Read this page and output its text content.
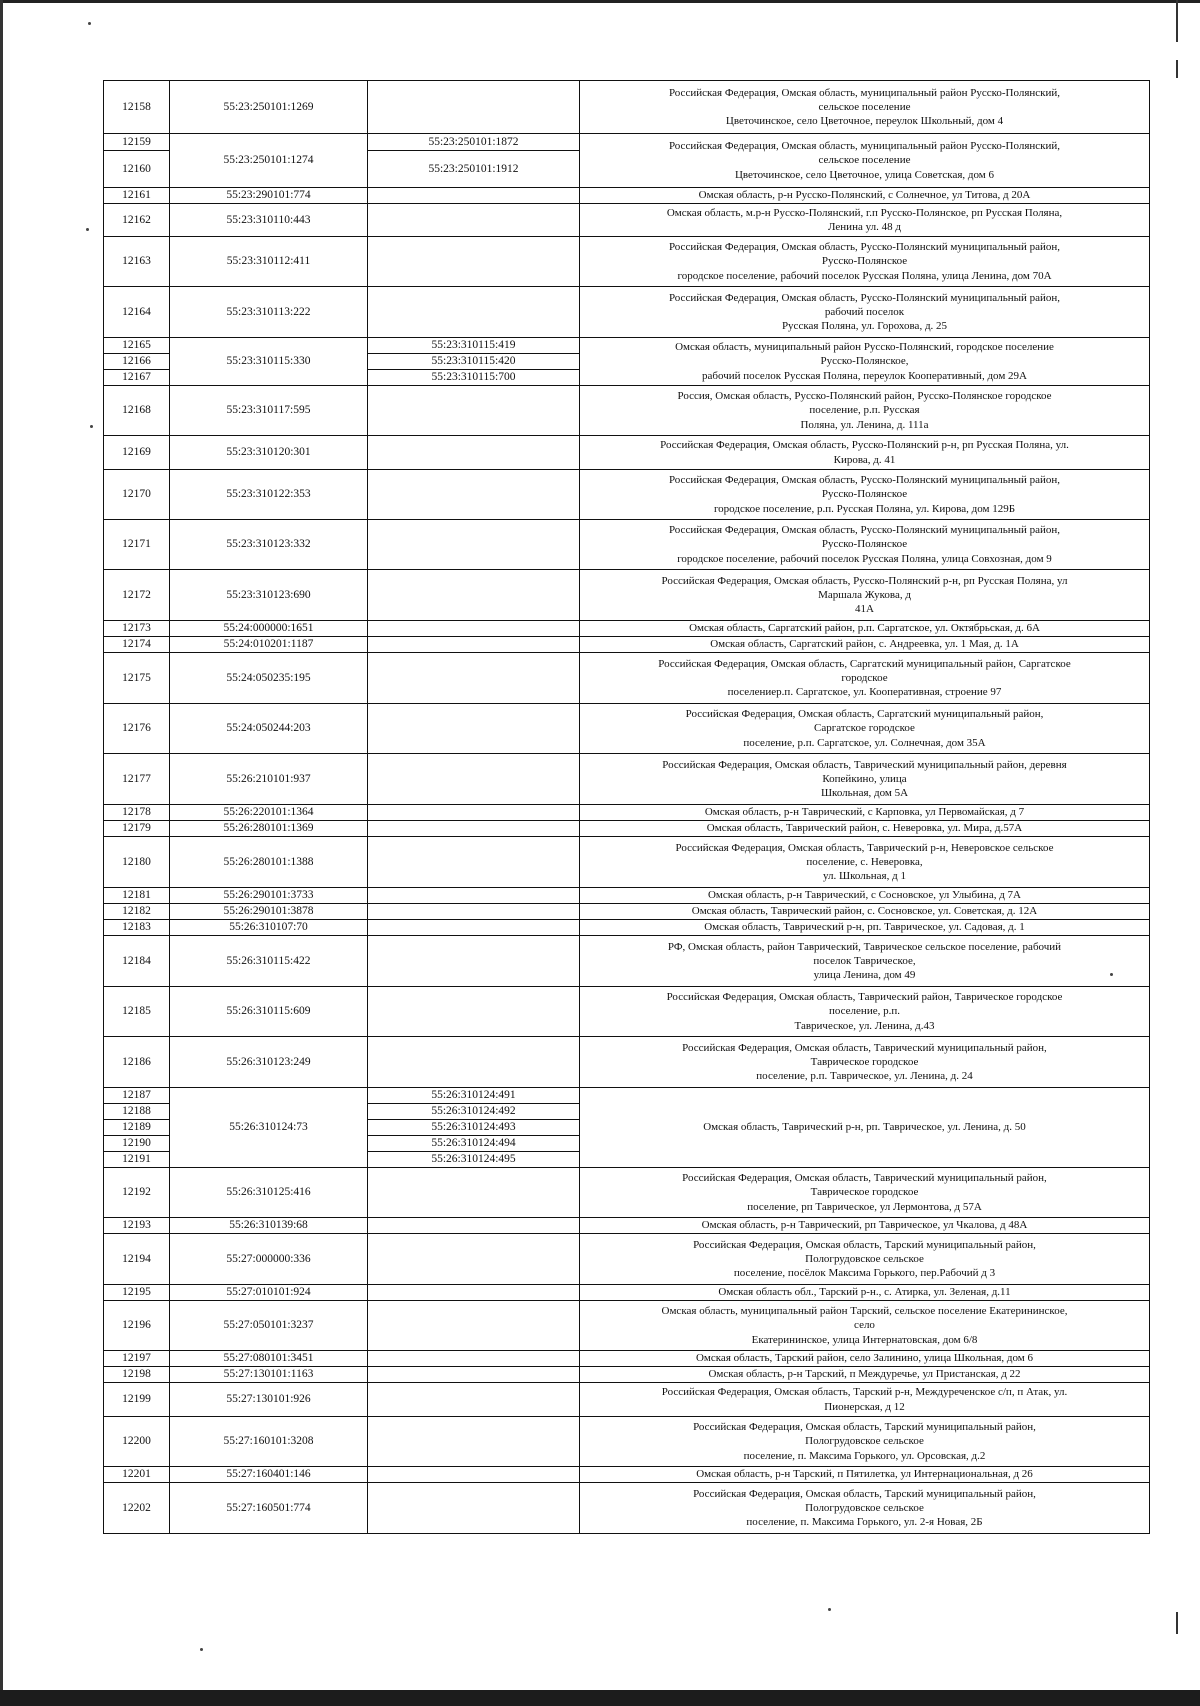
12158	55:23:250101:1269		Российская Федерация, Омская область, муниципальный район Русско-Полянский,
сельское поселение
Цветочинское, село Цветочное, переулок Школьный, дом 4

12159	55:23:250101:1274	55:23:250101:1872	Российская Федерация, Омская область, муниципальный район Русско-Полянский,
сельское поселение
Цветочинское, село Цветочное, улица Советская, дом 6

12160		55:23:250101:1912	
12161	55:23:290101:774		Омская область, р-н Русско-Полянский, с Солнечное, ул Титова, д 20А

12162	55:23:310110:443		Омская область, м.р-н Русско-Полянский, г.п Русско-Полянское, рп Русская Поляна,
Ленина ул. 48 д

12163	55:23:310112:411		Российская Федерация, Омская область, Русско-Полянский муниципальный район,
Русско-Полянское
городское поселение, рабочий поселок Русская Поляна, улица Ленина, дом 70А

12164	55:23:310113:222		Российская Федерация, Омская область, Русско-Полянский муниципальный район,
рабочий поселок
Русская Поляна, ул. Горохова, д. 25

12165	55:23:310115:330	55:23:310115:419	Омская область, муниципальный район Русско-Полянский, городское поселение
Русско-Полянское,
рабочий поселок Русская Поляна, переулок Кооперативный, дом 29А

12166		55:23:310115:420	
12167		55:23:310115:700	
12168	55:23:310117:595		Россия, Омская область, Русско-Полянский район, Русско-Полянское городское
поселение, р.п. Русская
Поляна, ул. Ленина, д. 111а

12169	55:23:310120:301		Российская Федерация, Омская область, Русско-Полянский р-н, рп Русская Поляна, ул.
Кирова, д. 41

12170	55:23:310122:353		Российская Федерация, Омская область, Русско-Полянский муниципальный район,
Русско-Полянское
городское поселение, р.п. Русская Поляна, ул. Кирова, дом 129Б

12171	55:23:310123:332		Российская Федерация, Омская область, Русско-Полянский муниципальный район,
Русско-Полянское
городское поселение, рабочий поселок Русская Поляна, улица Совхозная, дом 9

12172	55:23:310123:690		Российская Федерация, Омская область, Русско-Полянский р-н, рп Русская Поляна, ул
Маршала Жукова, д
41А

12173	55:24:000000:1651		Омская область, Саргатский район, р.п. Саргатское, ул. Октябрьская, д. 6А

12174	55:24:010201:1187		Омская область, Саргатский район, с. Андреевка, ул. 1 Мая, д. 1А

12175	55:24:050235:195		Российская Федерация, Омская область, Саргатский муниципальный район, Саргатское
городское
поселениер.п. Саргатское, ул. Кооперативная, строение 97

12176	55:24:050244:203		Российская Федерация, Омская область, Саргатский муниципальный район,
Саргатское городское
поселение, р.п. Саргатское, ул. Солнечная, дом 35А

12177	55:26:210101:937		Российская Федерация, Омская область, Таврический муниципальный район, деревня
Копейкино, улица
Школьная, дом 5А

12178	55:26:220101:1364		Омская область, р-н Таврический, с Карповка, ул Первомайская, д 7

12179	55:26:280101:1369		Омская область, Таврический район, с. Неверовка, ул. Мира, д.57А

12180	55:26:280101:1388		Российская Федерация, Омская область, Таврический р-н, Неверовское сельское
поселение, с. Неверовка,
ул. Школьная, д 1

12181	55:26:290101:3733		Омская область, р-н Таврический, с Сосновское, ул Улыбина, д 7А

12182	55:26:290101:3878		Омская область, Таврический район, с. Сосновское, ул. Советская, д. 12А

12183	55:26:310107:70		Омская область, Таврический р-н, рп. Таврическое, ул. Садовая, д. 1

12184	55:26:310115:422		РФ, Омская область, район Таврический, Таврическое сельское поселение, рабочий
поселок Таврическое,
улица Ленина, дом 49

12185	55:26:310115:609		Российская Федерация, Омская область, Таврический район, Таврическое городское
поселение, р.п.
Таврическое, ул. Ленина, д.43

12186	55:26:310123:249		Российская Федерация, Омская область, Таврический муниципальный район,
Таврическое городское
поселение, р.п. Таврическое, ул. Ленина, д. 24

12187	55:26:310124:73	55:26:310124:491	Омская область, Таврический р-н, рп. Таврическое, ул. Ленина, д. 50

12188		55:26:310124:492	
12189		55:26:310124:493	
12190		55:26:310124:494	
12191		55:26:310124:495	
12192	55:26:310125:416		Российская Федерация, Омская область, Таврический муниципальный район,
Таврическое городское
поселение, рп Таврическое, ул Лермонтова, д 57А

12193	55:26:310139:68		Омская область, р-н Таврический, рп Таврическое, ул Чкалова, д 48А

12194	55:27:000000:336		Российская Федерация, Омская область, Тарский муниципальный район,
Пологрудовское сельское
поселение, посёлок Максима Горького, пер.Рабочий д 3

12195	55:27:010101:924		Омская область обл., Тарский р-н., с. Атирка, ул. Зеленая, д.11

12196	55:27:050101:3237		Омская область, муниципальный район Тарский, сельское поселение Екатерининское,
село
Екатерининское, улица Интернатовская, дом 6/8

12197	55:27:080101:3451		Омская область, Тарский район, село Залинино, улица Школьная, дом 6

12198	55:27:130101:1163		Омская область, р-н Тарский, п Междуречье, ул Пристанская, д 22

12199	55:27:130101:926		Российская Федерация, Омская область, Тарский р-н, Междуреченское с/п, п Атак, ул.
Пионерская, д 12

12200	55:27:160101:3208		Российская Федерация, Омская область, Тарский муниципальный район,
Пологрудовское сельское
поселение, п. Максима Горького, ул. Орсовская, д.2

12201	55:27:160401:146		Омская область, р-н Тарский, п Пятилетка, ул Интернациональная, д 26

12202	55:27:160501:774		Российская Федерация, Омская область, Тарский муниципальный район,
Пологрудовское сельское
поселение, п. Максима Горького, ул. 2-я Новая, 2Б
